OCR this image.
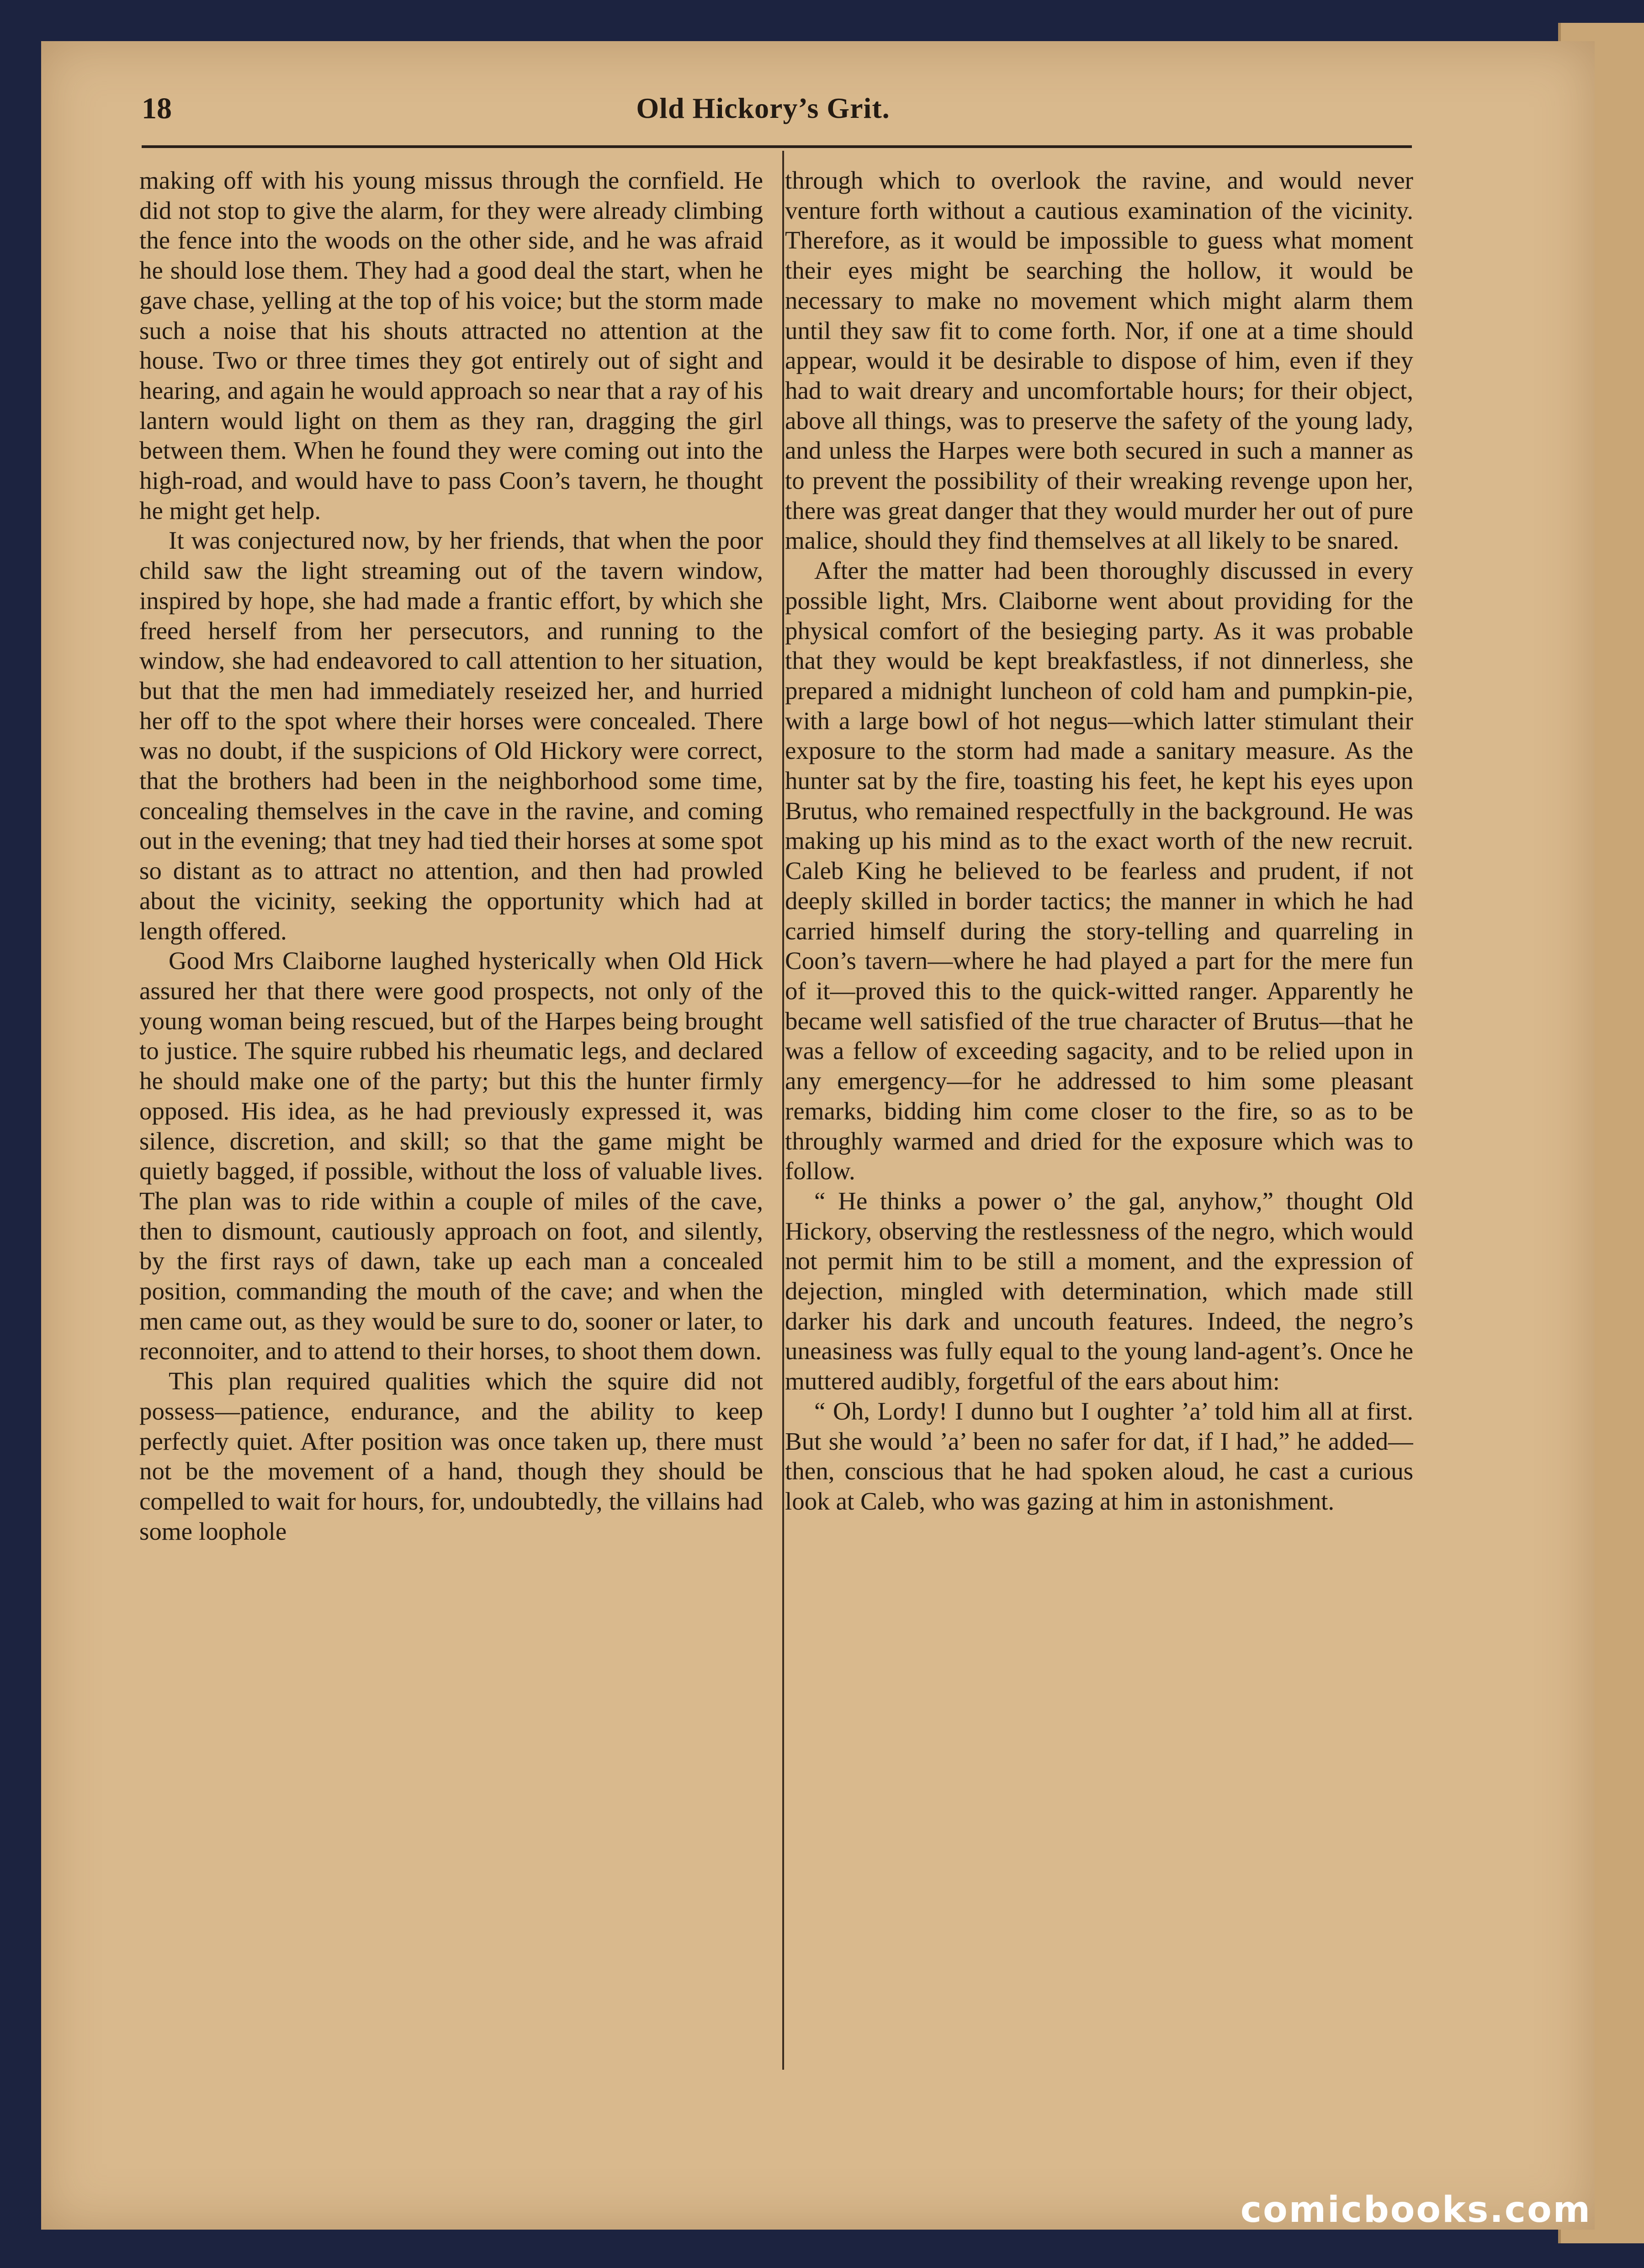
18	Old Hickory’s Grit.

making off with his young missus through the cornfield. He did not stop to give the alarm, for they were already climbing the fence into the woods on the other side, and he was afraid he should lose them. They had a good deal the start, when he gave chase, yelling at the top of his voice; but the storm made such a noise that his shouts attracted no attention at the house. Two or three times they got entirely out of sight and hearing, and again he would approach so near that a ray of his lantern would light on them as they ran, dragging the girl between them. When he found they were coming out into the high-road, and would have to pass Coon’s tavern, he thought he might get help.

It was conjectured now, by her friends, that when the poor child saw the light streaming out of the tavern window, inspired by hope, she had made a frantic effort, by which she freed herself from her persecutors, and running to the window, she had endeavored to call attention to her situation, but that the men had immediately reseized her, and hurried her off to the spot where their horses were concealed. There was no doubt, if the suspicions of Old Hickory were correct, that the brothers had been in the neighborhood some time, concealing themselves in the cave in the ravine, and coming out in the evening; that tney had tied their horses at some spot so distant as to attract no attention, and then had prowled about the vicinity, seeking the opportunity which had at length offered.

Good Mrs Claiborne laughed hysterically when Old Hick assured her that there were good prospects, not only of the young woman being rescued, but of the Harpes being brought to justice. The squire rubbed his rheumatic legs, and declared he should make one of the party; but this the hunter firmly opposed. His idea, as he had previously expressed it, was silence, discretion, and skill; so that the game might be quietly bagged, if possible, without the loss of valuable lives. The plan was to ride within a couple of miles of the cave, then to dismount, cautiously approach on foot, and silently, by the first rays of dawn, take up each man a concealed position, commanding the mouth of the cave; and when the men came out, as they would be sure to do, sooner or later, to reconnoiter, and to attend to their horses, to shoot them down.

This plan required qualities which the squire did not possess—patience, endurance, and the ability to keep perfectly quiet. After position was once taken up, there must not be the movement of a hand, though they should be compelled to wait for hours, for, undoubtedly, the villains had some loophole

through which to overlook the ravine, and would never venture forth without a cautious examination of the vicinity. Therefore, as it would be impossible to guess what moment their eyes might be searching the hollow, it would be necessary to make no movement which might alarm them until they saw fit to come forth. Nor, if one at a time should appear, would it be desirable to dispose of him, even if they had to wait dreary and uncomfortable hours; for their object, above all things, was to preserve the safety of the young lady, and unless the Harpes were both secured in such a manner as to prevent the possibility of their wreaking revenge upon her, there was great danger that they would murder her out of pure malice, should they find themselves at all likely to be snared.

After the matter had been thoroughly discussed in every possible light, Mrs. Claiborne went about providing for the physical comfort of the besieging party. As it was probable that they would be kept breakfastless, if not dinnerless, she prepared a midnight luncheon of cold ham and pumpkin-pie, with a large bowl of hot negus—which latter stimulant their exposure to the storm had made a sanitary measure. As the hunter sat by the fire, toasting his feet, he kept his eyes upon Brutus, who remained respectfully in the background. He was making up his mind as to the exact worth of the new recruit. Caleb King he believed to be fearless and prudent, if not deeply skilled in border tactics; the manner in which he had carried himself during the story-telling and quarreling in Coon’s tavern—where he had played a part for the mere fun of it—proved this to the quick-witted ranger. Apparently he became well satisfied of the true character of Brutus—that he was a fellow of exceeding sagacity, and to be relied upon in any emergency—for he addressed to him some pleasant remarks, bidding him come closer to the fire, so as to be throughly warmed and dried for the exposure which was to follow.

“ He thinks a power o’ the gal, anyhow,” thought Old Hickory, observing the restlessness of the negro, which would not permit him to be still a moment, and the expression of dejection, mingled with determination, which made still darker his dark and uncouth features. Indeed, the negro’s uneasiness was fully equal to the young land-agent’s. Once he muttered audibly, forgetful of the ears about him:

“ Oh, Lordy! I dunno but I oughter ’a’ told him all at first. But she would ’a’ been no safer for dat, if I had,” he added—then, conscious that he had spoken aloud, he cast a curious look at Caleb, who was gazing at him in astonishment.

comicbooks.com
